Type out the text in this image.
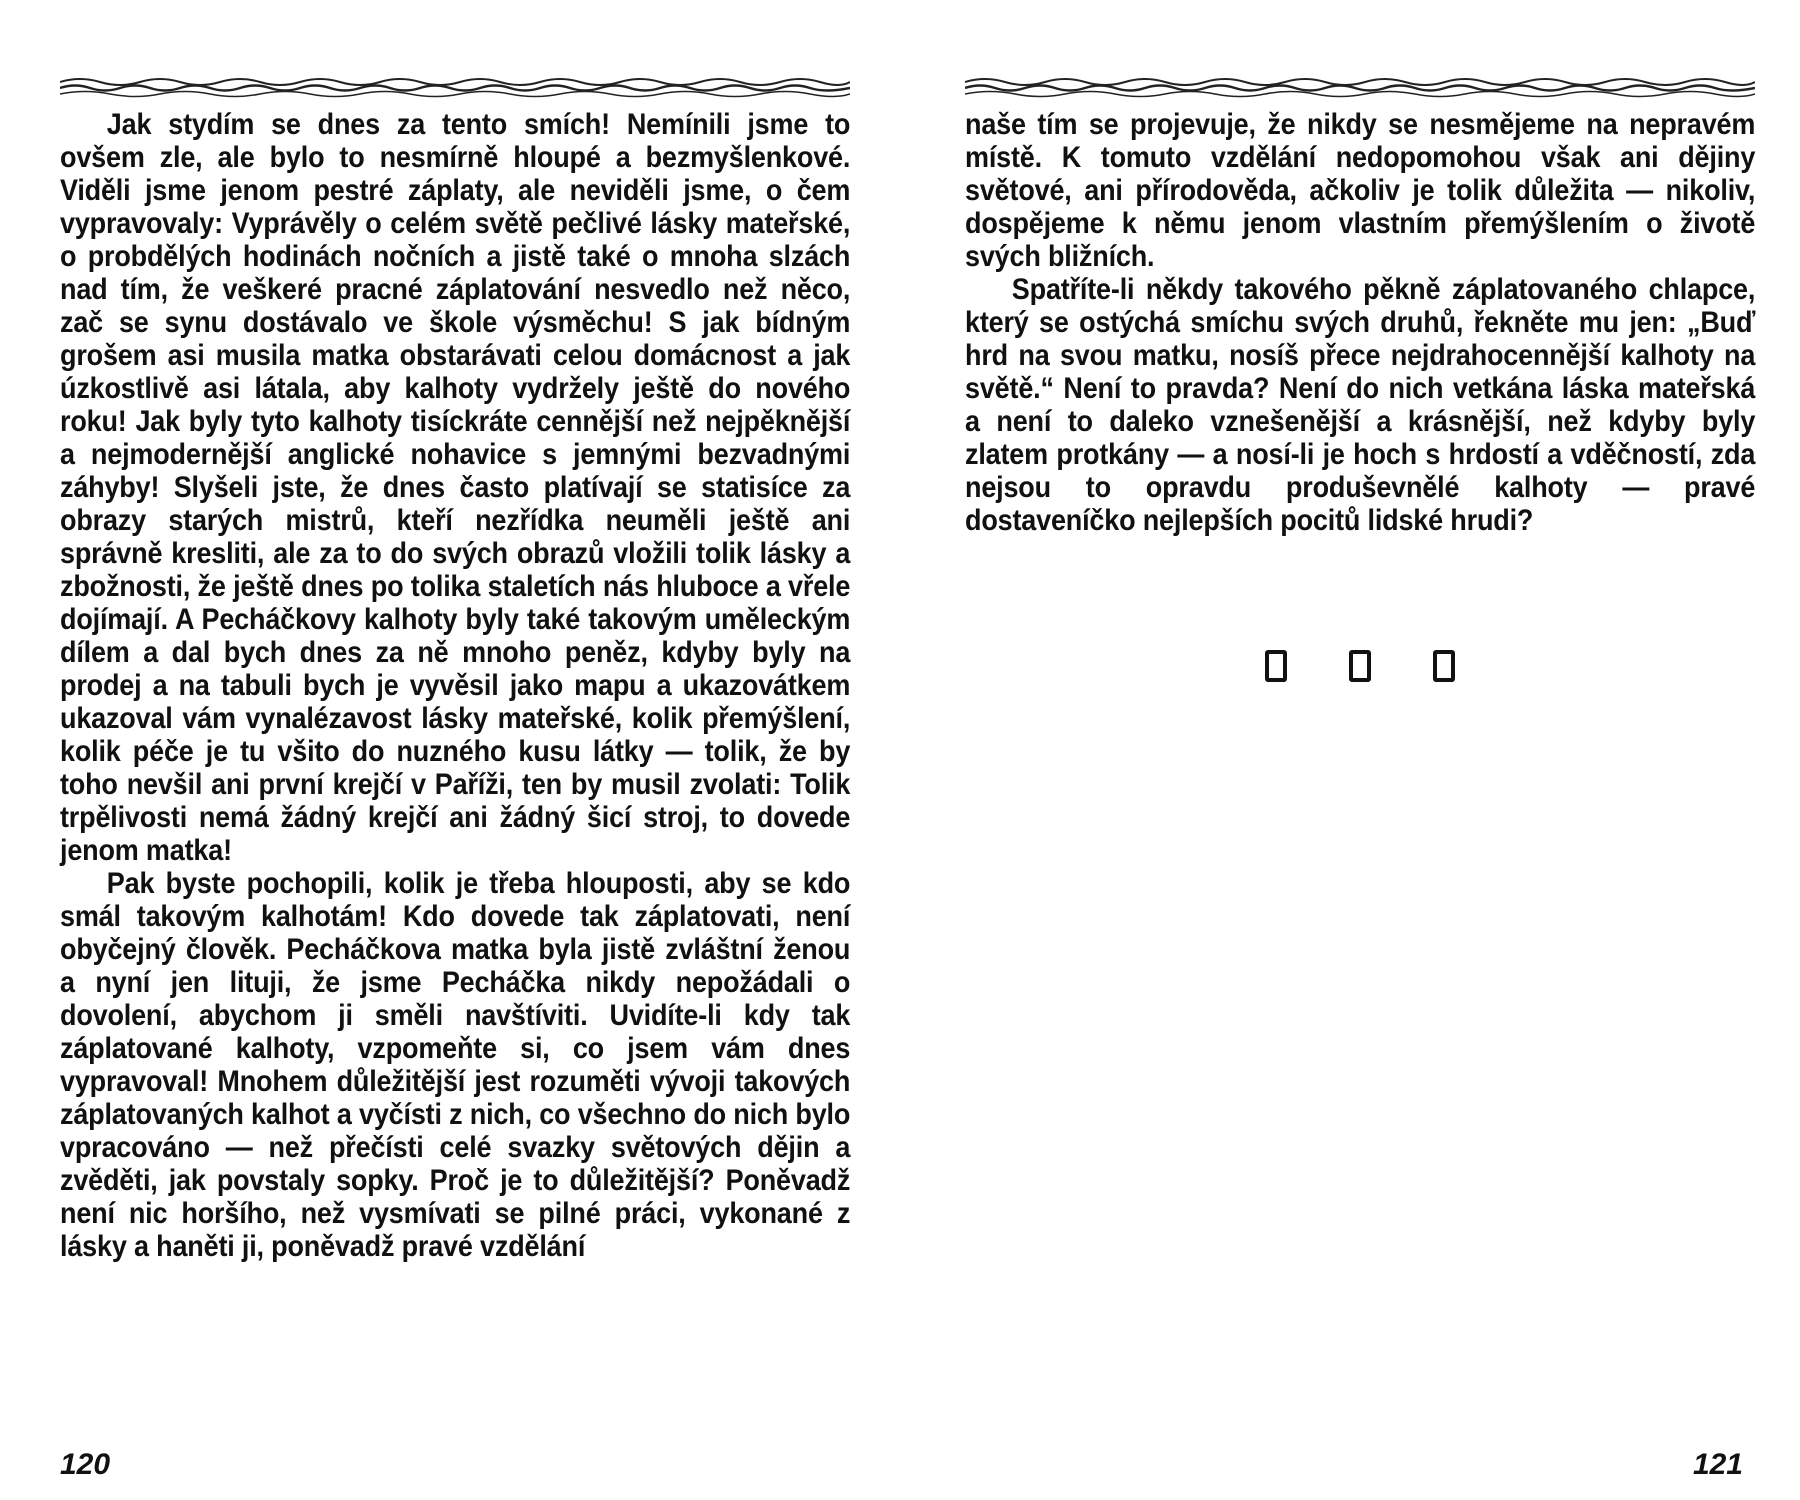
Jak stydím se dnes za tento smích! Nemínili jsme to ovšem zle, ale bylo to nesmírně hloupé a bezmyšlenkové. Viděli jsme jenom pestré záplaty, ale neviděli jsme, o čem vypravovaly: Vyprávěly o celém světě pečlivé lásky mateřské, o probdělých hodinách nočních a jistě také o mnoha slzách nad tím, že veškeré pracné záplatování nesvedlo než něco, zač se synu dostávalo ve škole výsměchu! S jak bídným grošem asi musila matka obstarávati celou domácnost a jak úzkostlivě asi látala, aby kalhoty vydržely ještě do nového roku! Jak byly tyto kalhoty tisíckráte cennější než nejpěknější a nejmodernější anglické nohavice s jemnými bezvadnými záhyby! Slyšeli jste, že dnes často platívají se statisíce za obrazy starých mistrů, kteří nezřídka neuměli ještě ani správně kresliti, ale za to do svých obrazů vložili tolik lásky a zbožnosti, že ještě dnes po tolika staletích nás hluboce a vřele dojímají. A Pecháčkovy kalhoty byly také takovým uměleckým dílem a dal bych dnes za ně mnoho peněz, kdyby byly na prodej a na tabuli bych je vyvěsil jako mapu a ukazovátkem ukazoval vám vynalézavost lásky mateřské, kolik přemýšlení, kolik péče je tu všito do nuzného kusu látky — tolik, že by toho nevšil ani první krejčí v Paříži, ten by musil zvolati: Tolik trpělivosti nemá žádný krejčí ani žádný šicí stroj, to dovede jenom matka!

Pak byste pochopili, kolik je třeba hlouposti, aby se kdo smál takovým kalhotám! Kdo dovede tak záplatovati, není obyčejný člověk. Pecháčkova matka byla jistě zvláštní ženou a nyní jen lituji, že jsme Pecháčka nikdy nepožádali o dovolení, abychom ji směli navštíviti. Uvidíte-li kdy tak záplatované kalhoty, vzpomeňte si, co jsem vám dnes vypravoval! Mnohem důležitější jest rozuměti vývoji takových záplatovaných kalhot a vyčísti z nich, co všechno do nich bylo vpracováno — než přečísti celé svazky světových dějin a zvěděti, jak povstaly sopky. Proč je to důležitější? Poněvadž není nic horšího, než vysmívati se pilné práci, vykonané z lásky a haněti ji, poněvadž pravé vzdělání

120

naše tím se projevuje, že nikdy se nesmějeme na nepravém místě. K tomuto vzdělání nedopomohou však ani dějiny světové, ani přírodověda, ačkoliv je tolik důležita — nikoliv, dospějeme k němu jenom vlastním přemýšlením o životě svých bližních.

Spatříte-li někdy takového pěkně záplatovaného chlapce, který se ostýchá smíchu svých druhů, řekněte mu jen: „Buď hrd na svou matku, nosíš přece nejdrahocennější kalhoty na světě.“ Není to pravda? Není do nich vetkána láska mateřská a není to daleko vznešenější a krásnější, než kdyby byly zlatem protkány — a nosí-li je hoch s hrdostí a vděčností, zda nejsou to opravdu produševnělé kalhoty — pravé dostaveníčko nejlepších pocitů lidské hrudi?

121
